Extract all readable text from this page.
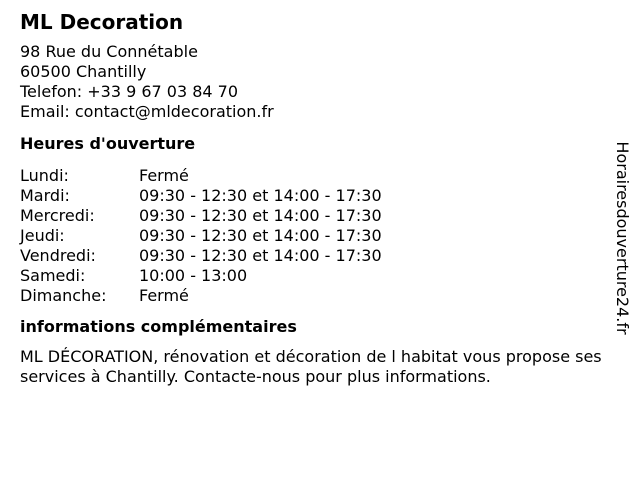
ML Decoration
98 Rue du Connétable
60500 Chantilly
Telefon: +33 9 67 03 84 70
Email: contact@mldecoration.fr
Heures d'ouverture
Lundi:	Fermé
Mardi:	09:30 - 12:30 et 14:00 - 17:30
Mercredi:	09:30 - 12:30 et 14:00 - 17:30
Jeudi:	09:30 - 12:30 et 14:00 - 17:30
Vendredi:	09:30 - 12:30 et 14:00 - 17:30
Samedi:	10:00 - 13:00
Dimanche: Fermé
informations complémentaires

ML DÉCORATION, rénovation et décoration de l habitat vous propose ses services à Chantilly. Contacte-nous pour plus informations.

Horairesdouverture24.fr
